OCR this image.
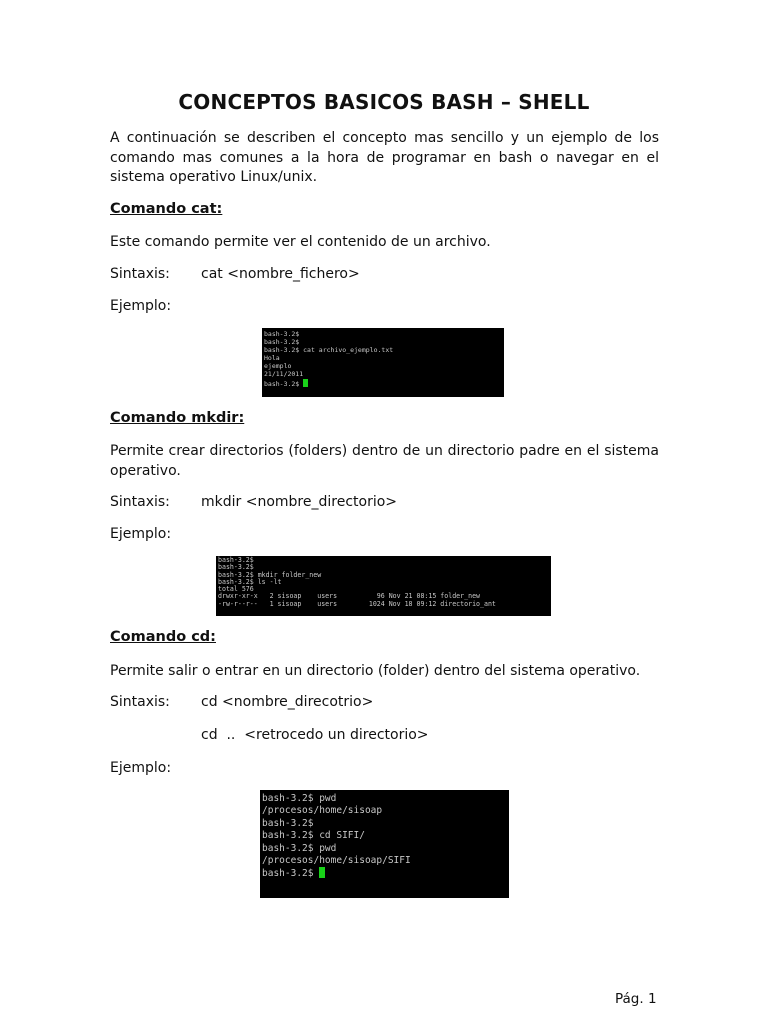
CONCEPTOS BASICOS BASH – SHELL
A continuación se describen el concepto mas sencillo y un ejemplo de los comando mas comunes a la hora de programar en bash o navegar en el sistema operativo Linux/unix.
Comando cat:
Este comando permite ver el contenido de un archivo.
Sintaxis: cat <nombre_fichero>
Ejemplo:
bash-3.2$
bash-3.2$
bash-3.2$ cat archivo_ejemplo.txt
Hola
ejemplo
21/11/2011
bash-3.2$
Comando mkdir:
Permite crear directorios (folders) dentro de un directorio padre en el sistema operativo.
Sintaxis: mkdir <nombre_directorio>
Ejemplo:
bash-3.2$
bash-3.2$
bash-3.2$ mkdir folder_new
bash-3.2$ ls -lt
total 576
drwxr-xr-x   2 sisoap    users          96 Nov 21 08:15 folder_new
-rw-r--r--   1 sisoap    users        1024 Nov 18 09:12 directorio_ant
Comando cd:
Permite salir o entrar en un directorio (folder) dentro del sistema operativo.
Sintaxis: cd <nombre_direcotrio>
cd  ..  <retrocedo un directorio>
Ejemplo:
bash-3.2$ pwd
/procesos/home/sisoap
bash-3.2$
bash-3.2$ cd SIFI/
bash-3.2$ pwd
/procesos/home/sisoap/SIFI
bash-3.2$
Pág. 1
